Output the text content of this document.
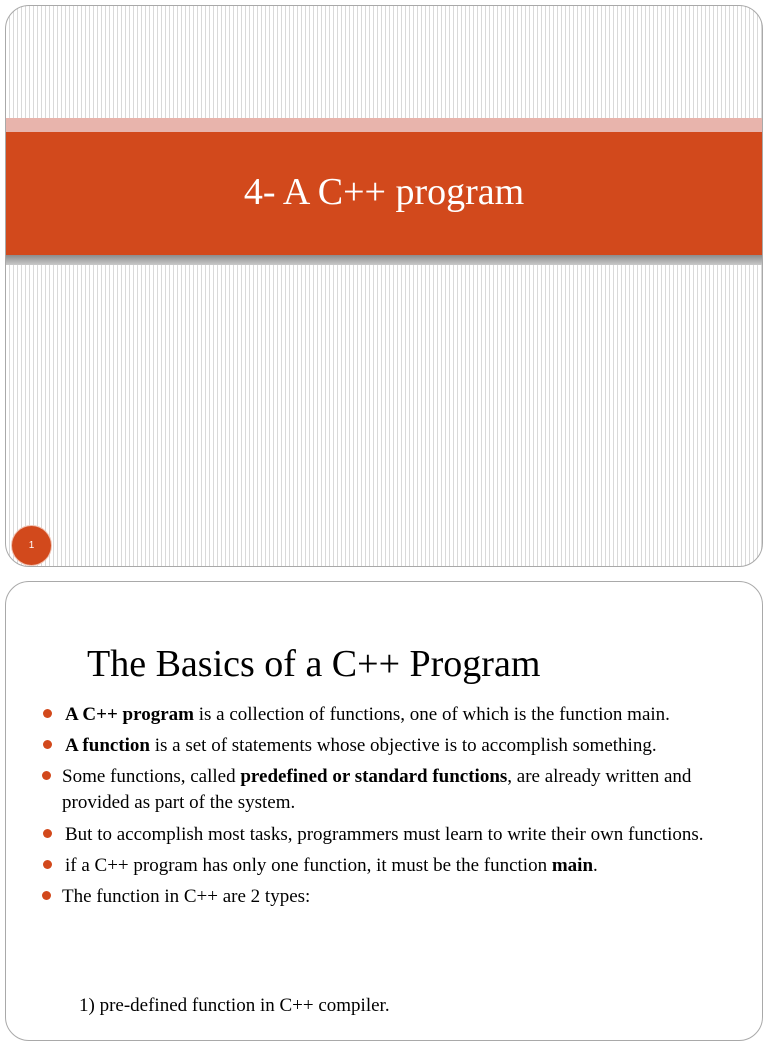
4- A C++ program
1
The Basics of a C++ Program
A C++ program is a collection of functions, one of which is the function main.
A function is a set of statements whose objective is to accomplish something.
Some functions, called predefined or standard functions, are already written and provided as part of the system.
But to accomplish most tasks, programmers must learn to write their own functions.
if a C++ program has only one function, it must be the function main.
The function in C++ are 2 types:
1) pre-defined function in C++ compiler.
